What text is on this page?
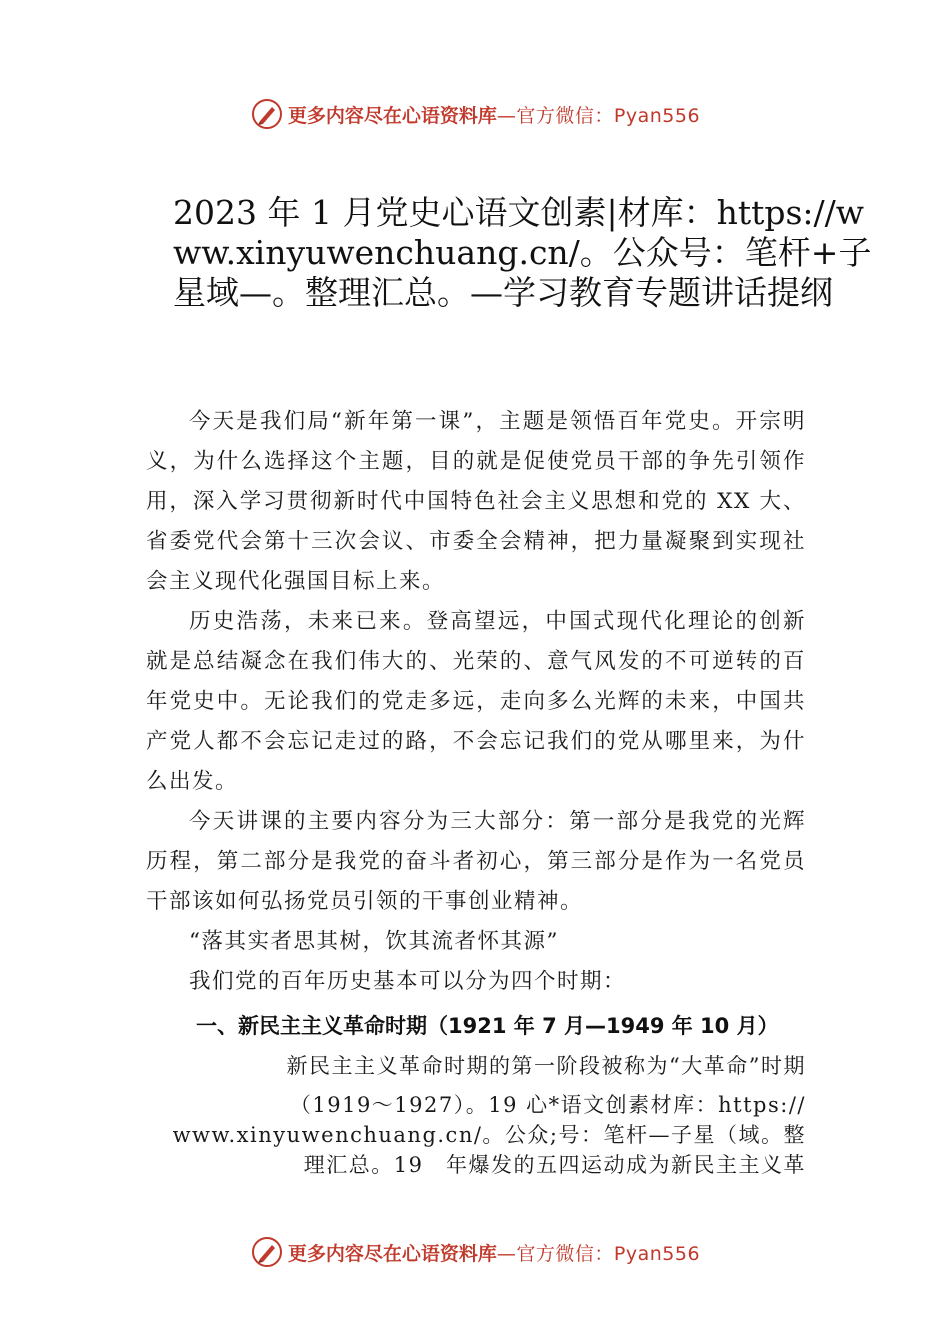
更多内容尽在心语资料库 —官方微信：Pyan556
2023 年 1 月党史心语文创素|材库：https://www.xinyuwenchuang.cn/。公众号：笔杆+子星域—。整理汇总。—学习教育专题讲话提纲

今天是我们局“新年第一课”，主题是领悟百年党史。开宗明义，为什么选择这个主题，目的就是促使党员干部的争先引领作用，深入学习贯彻新时代中国特色社会主义思想和党的 XX 大、省委党代会第十三次会议、市委全会精神，把力量凝聚到实现社会主义现代化强国目标上来。

历史浩荡，未来已来。登高望远，中国式现代化理论的创新就是总结凝念在我们伟大的、光荣的、意气风发的不可逆转的百年党史中。无论我们的党走多远，走向多么光辉的未来，中国共产党人都不会忘记走过的路，不会忘记我们的党从哪里来，为什么出发。

今天讲课的主要内容分为三大部分：第一部分是我党的光辉历程，第二部分是我党的奋斗者初心，第三部分是作为一名党员干部该如何弘扬党员引领的干事创业精神。

“落其实者思其树，饮其流者怀其源”

我们党的百年历史基本可以分为四个时期：

一、新民主主义革命时期（1921 年 7 月—1949 年 10 月）

新民主主义革命时期的第一阶段被称为“大革命”时期

（1919～1927）。19 心*语文创素材库：https://
www.xinyuwenchuang.cn/。公众;号：笔杆—子星（域。整
理汇总。19　年爆发的五四运动成为新民主主义革
更多内容尽在心语资料库 —官方微信：Pyan556
